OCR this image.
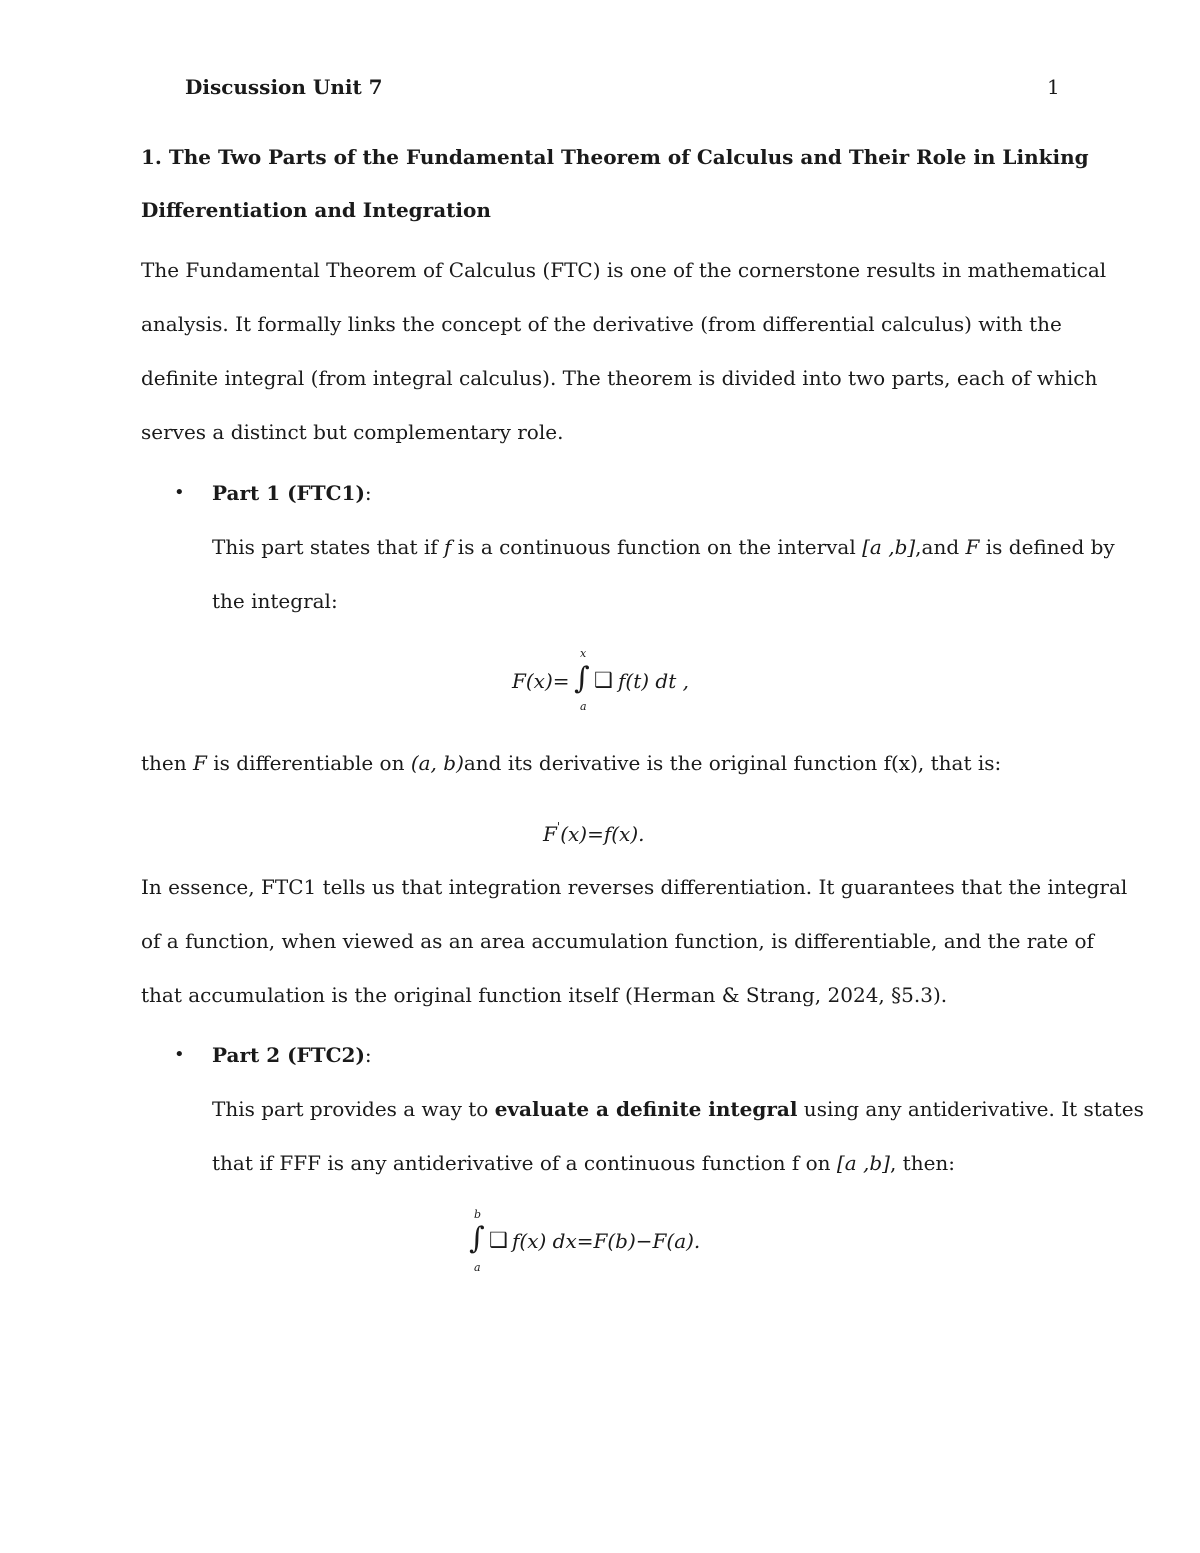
Discussion Unit 7	1
1. The Two Parts of the Fundamental Theorem of Calculus and Their Role in Linking
Differentiation and Integration
The Fundamental Theorem of Calculus (FTC) is one of the cornerstone results in mathematical
analysis. It formally links the concept of the derivative (from differential calculus) with the
definite integral (from integral calculus). The theorem is divided into two parts, each of which
serves a distinct but complementary role.
• Part 1 (FTC1):
This part states that if f is a continuous function on the interval [a ,b],and F is defined by
the integral:
x
F(x)= ∫ ❑ f(t) dt ,
a
then F is differentiable on (a, b)and its derivative is the original function f(x), that is:
F'(x)=f(x).
In essence, FTC1 tells us that integration reverses differentiation. It guarantees that the integral
of a function, when viewed as an area accumulation function, is differentiable, and the rate of
that accumulation is the original function itself (Herman & Strang, 2024, §5.3).
• Part 2 (FTC2):
This part provides a way to evaluate a definite integral using any antiderivative. It states
that if FFF is any antiderivative of a continuous function f on [a ,b], then:
b
∫ ❑ f(x) dx=F(b)−F(a).
a
